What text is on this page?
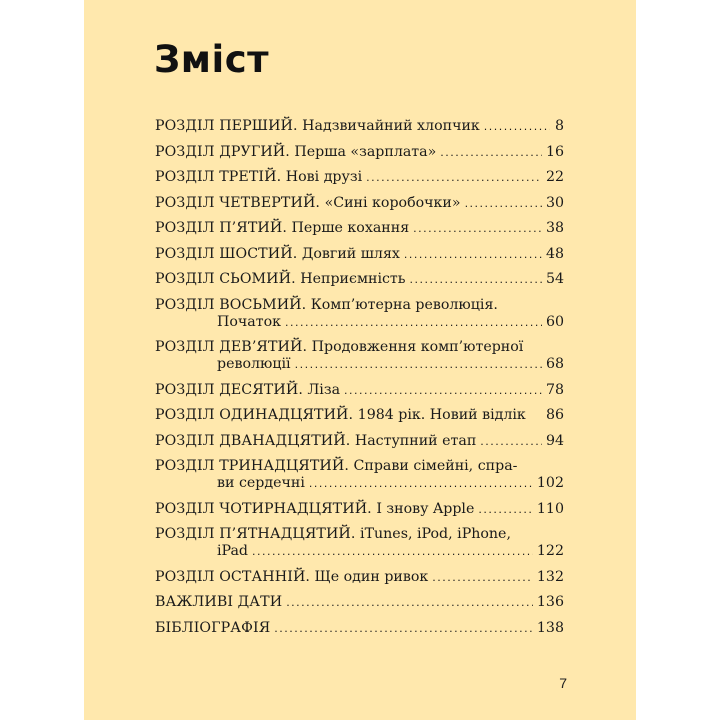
Зміст
РОЗДІЛ ПЕРШИЙ. Надзвичайний хлопчик .....	8
РОЗДІЛ ДРУГИЙ. Перша «зарплата» .....	16
РОЗДІЛ ТРЕТІЙ. Нові друзі .....	22
РОЗДІЛ ЧЕТВЕРТИЙ. «Сині коробочки» .....	30
РОЗДІЛ П’ЯТИЙ. Перше кохання .....	38
РОЗДІЛ ШОСТИЙ. Довгий шлях .....	48
РОЗДІЛ СЬОМИЙ. Неприємність .....	54
РОЗДІЛ ВОСЬМИЙ. Комп’ютерна революція.
Початок .....	60
РОЗДІЛ ДЕВ’ЯТИЙ. Продовження комп’ютерної
революції .....	68
РОЗДІЛ ДЕСЯТИЙ. Ліза .....	78
РОЗДІЛ ОДИНАДЦЯТИЙ. 1984 рік. Новий відлік 86
РОЗДІЛ ДВАНАДЦЯТИЙ. Наступний етап .....	94
РОЗДІЛ ТРИНАДЦЯТИЙ. Справи сімейні, спра-
ви сердечні .....	102
РОЗДІЛ ЧОТИРНАДЦЯТИЙ. І знову Apple .....	110
РОЗДІЛ П’ЯТНАДЦЯТИЙ. iTunes, iPod, iPhone,
iPad .....	122
РОЗДІЛ ОСТАННІЙ. Ще один ривок .....	132
ВАЖЛИВІ ДАТИ .....	136
БІБЛІОГРАФІЯ .....	138
7
